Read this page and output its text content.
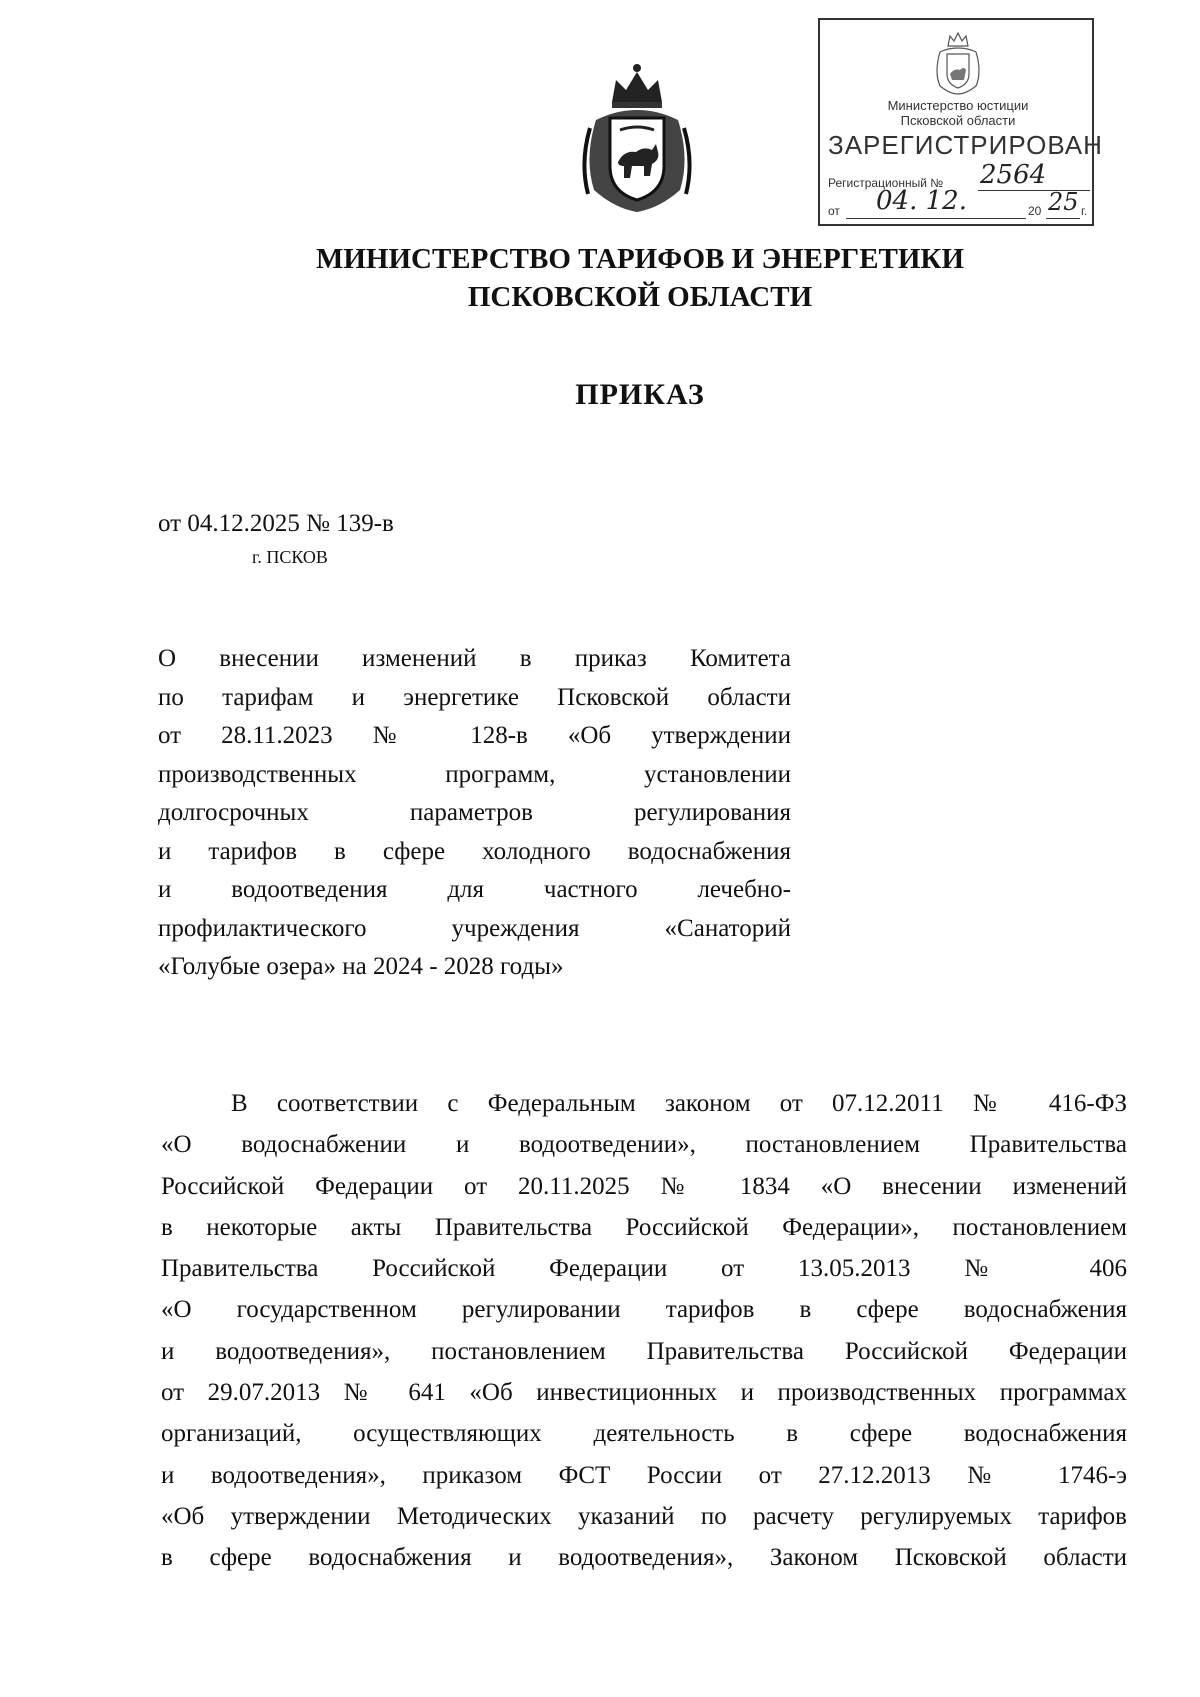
Министерство юстиции
Псковской области
ЗАРЕГИСТРИРОВАН
Регистрационный № 2564
от 04. 12.	20 25 г.
МИНИСТЕРСТВО ТАРИФОВ И ЭНЕРГЕТИКИ
ПСКОВСКОЙ ОБЛАСТИ
ПРИКАЗ
от 04.12.2025 № 139-в
г. ПСКОВ
О внесении изменений в приказ Комитета
по тарифам и энергетике Псковской области
от 28.11.2023 № 128-в «Об утверждении
производственных программ, установлении
долгосрочных параметров регулирования
и тарифов в сфере холодного водоснабжения
и водоотведения для частного лечебно-
профилактического учреждения «Санаторий
«Голубые озера» на 2024 - 2028 годы»
В соответствии с Федеральным законом от 07.12.2011 № 416-ФЗ
«О водоснабжении и водоотведении», постановлением Правительства
Российской Федерации от 20.11.2025 № 1834 «О внесении изменений
в некоторые акты Правительства Российской Федерации», постановлением
Правительства Российской Федерации от 13.05.2013 № 406
«О государственном регулировании тарифов в сфере водоснабжения
и водоотведения», постановлением Правительства Российской Федерации
от 29.07.2013 № 641 «Об инвестиционных и производственных программах
организаций, осуществляющих деятельность в сфере водоснабжения
и водоотведения», приказом ФСТ России от 27.12.2013 № 1746-э
«Об утверждении Методических указаний по расчету регулируемых тарифов
в сфере водоснабжения и водоотведения», Законом Псковской области
